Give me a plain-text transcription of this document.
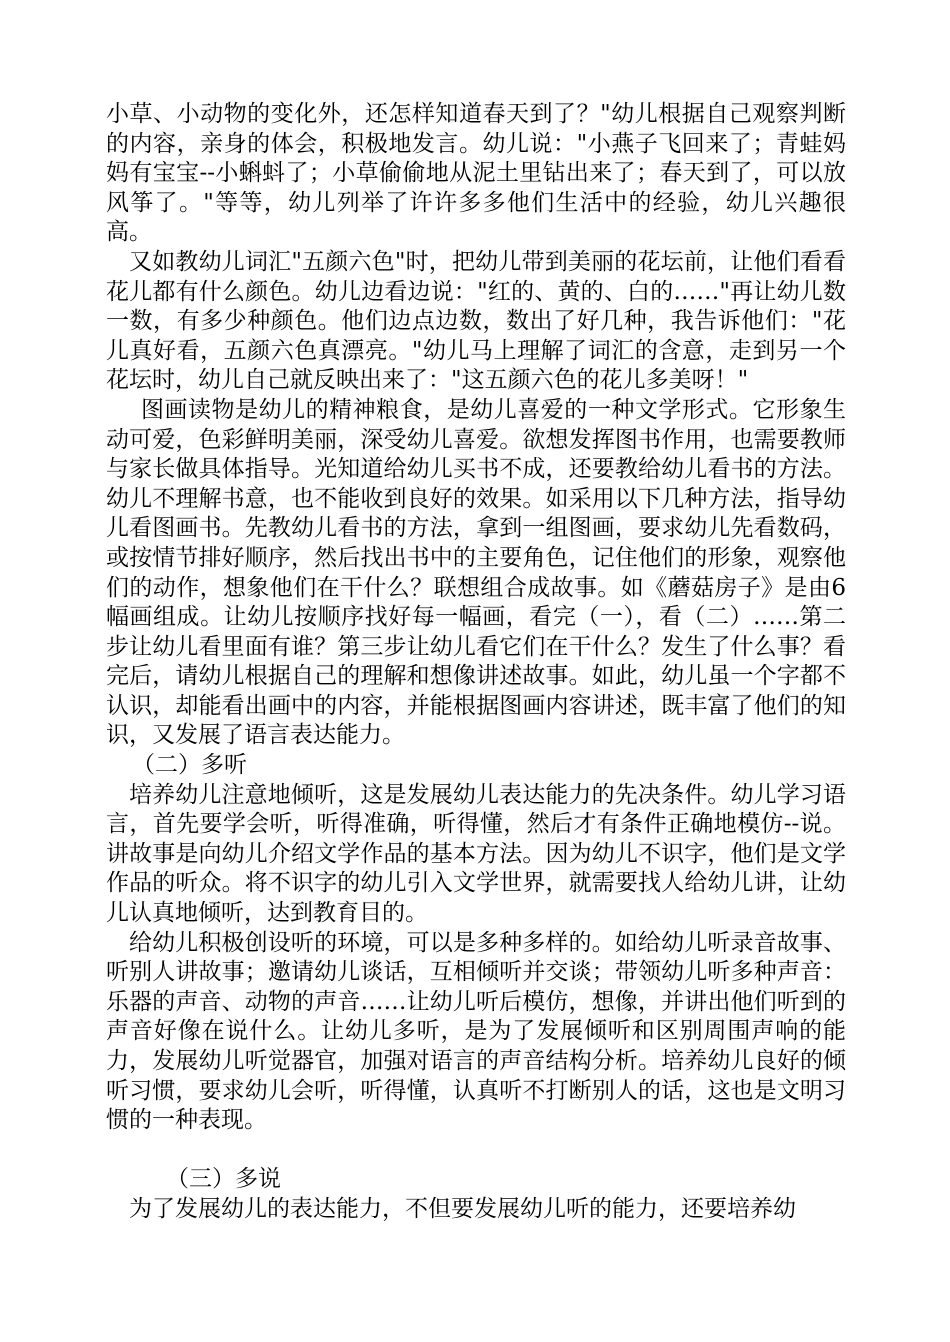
小草、小动物的变化外，还怎样知道春天到了？"幼儿根据自己观察判断的内容，亲身的体会，积极地发言。幼儿说："小燕子飞回来了；青蛙妈妈有宝宝--小蝌蚪了；小草偷偷地从泥土里钻出来了；春天到了，可以放风筝了。"等等，幼儿列举了许许多多他们生活中的经验，幼儿兴趣很高。

又如教幼儿词汇"五颜六色"时，把幼儿带到美丽的花坛前，让他们看看花儿都有什么颜色。幼儿边看边说："红的、黄的、白的……"再让幼儿数一数，有多少种颜色。他们边点边数，数出了好几种，我告诉他们："花儿真好看，五颜六色真漂亮。"幼儿马上理解了词汇的含意，走到另一个花坛时，幼儿自己就反映出来了："这五颜六色的花儿多美呀！"

图画读物是幼儿的精神粮食，是幼儿喜爱的一种文学形式。它形象生动可爱，色彩鲜明美丽，深受幼儿喜爱。欲想发挥图书作用，也需要教师与家长做具体指导。光知道给幼儿买书不成，还要教给幼儿看书的方法。幼儿不理解书意，也不能收到良好的效果。如采用以下几种方法，指导幼儿看图画书。先教幼儿看书的方法，拿到一组图画，要求幼儿先看数码，或按情节排好顺序，然后找出书中的主要角色，记住他们的形象，观察他们的动作，想象他们在干什么？联想组合成故事。如《蘑菇房子》是由6幅画组成。让幼儿按顺序找好每一幅画，看完（一），看（二）……第二步让幼儿看里面有谁？第三步让幼儿看它们在干什么？发生了什么事？看完后，请幼儿根据自己的理解和想像讲述故事。如此，幼儿虽一个字都不认识，却能看出画中的内容，并能根据图画内容讲述，既丰富了他们的知识，又发展了语言表达能力。

（二）多听

培养幼儿注意地倾听，这是发展幼儿表达能力的先决条件。幼儿学习语言，首先要学会听，听得准确，听得懂，然后才有条件正确地模仿--说。讲故事是向幼儿介绍文学作品的基本方法。因为幼儿不识字，他们是文学作品的听众。将不识字的幼儿引入文学世界，就需要找人给幼儿讲，让幼儿认真地倾听，达到教育目的。

给幼儿积极创设听的环境，可以是多种多样的。如给幼儿听录音故事、听别人讲故事；邀请幼儿谈话，互相倾听并交谈；带领幼儿听多种声音：乐器的声音、动物的声音……让幼儿听后模仿，想像，并讲出他们听到的声音好像在说什么。让幼儿多听，是为了发展倾听和区别周围声响的能力，发展幼儿听觉器官，加强对语言的声音结构分析。培养幼儿良好的倾听习惯，要求幼儿会听，听得懂，认真听不打断别人的话，这也是文明习惯的一种表现。

（三）多说

为了发展幼儿的表达能力，不但要发展幼儿听的能力，还要培养幼
